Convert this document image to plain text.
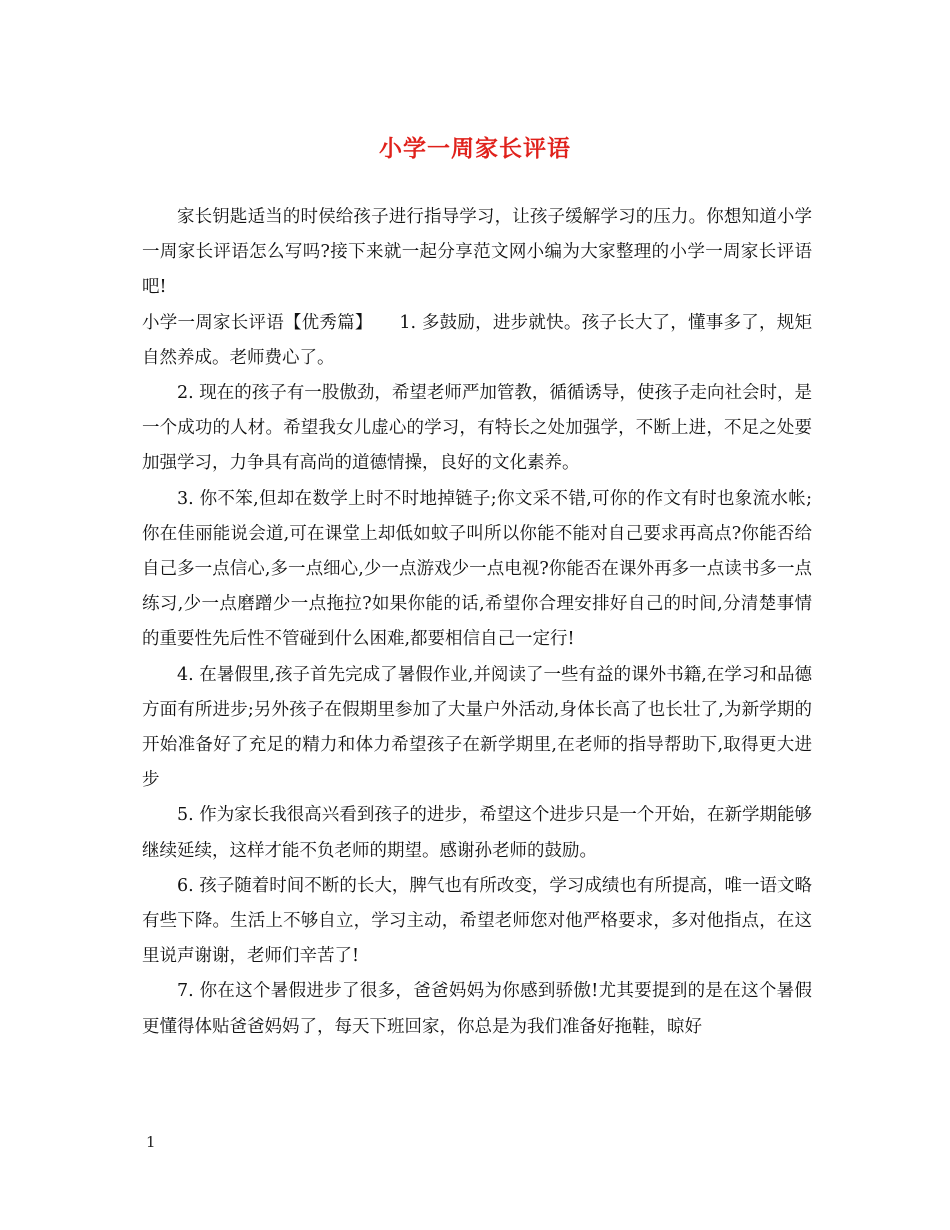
小学一周家长评语

家长钥匙适当的时侯给孩子进行指导学习，让孩子缓解学习的压力。你想知道小学一周家长评语怎么写吗?接下来就一起分享范文网小编为大家整理的小学一周家长评语吧!

小学一周家长评语【优秀篇】　　1. 多鼓励，进步就快。孩子长大了，懂事多了，规矩自然养成。老师费心了。

2. 现在的孩子有一股傲劲，希望老师严加管教，循循诱导，使孩子走向社会时，是一个成功的人材。希望我女儿虚心的学习，有特长之处加强学，不断上进，不足之处要加强学习，力争具有高尚的道德情操，良好的文化素养。

3. 你不笨,但却在数学上时不时地掉链子;你文采不错,可你的作文有时也象流水帐;你在佳丽能说会道,可在课堂上却低如蚊子叫所以你能不能对自己要求再高点?你能否给自己多一点信心,多一点细心,少一点游戏少一点电视?你能否在课外再多一点读书多一点练习,少一点磨蹭少一点拖拉?如果你能的话,希望你合理安排好自己的时间,分清楚事情的重要性先后性不管碰到什么困难,都要相信自己一定行!

4. 在暑假里,孩子首先完成了暑假作业,并阅读了一些有益的课外书籍,在学习和品德方面有所进步;另外孩子在假期里参加了大量户外活动,身体长高了也长壮了,为新学期的开始准备好了充足的精力和体力希望孩子在新学期里,在老师的指导帮助下,取得更大进步

5. 作为家长我很高兴看到孩子的进步，希望这个进步只是一个开始，在新学期能够继续延续，这样才能不负老师的期望。感谢孙老师的鼓励。

6. 孩子随着时间不断的长大，脾气也有所改变，学习成绩也有所提高，唯一语文略有些下降。生活上不够自立，学习主动，希望老师您对他严格要求，多对他指点，在这里说声谢谢，老师们辛苦了!

7. 你在这个暑假进步了很多，爸爸妈妈为你感到骄傲!尤其要提到的是在这个暑假更懂得体贴爸爸妈妈了，每天下班回家，你总是为我们准备好拖鞋，晾好

1
